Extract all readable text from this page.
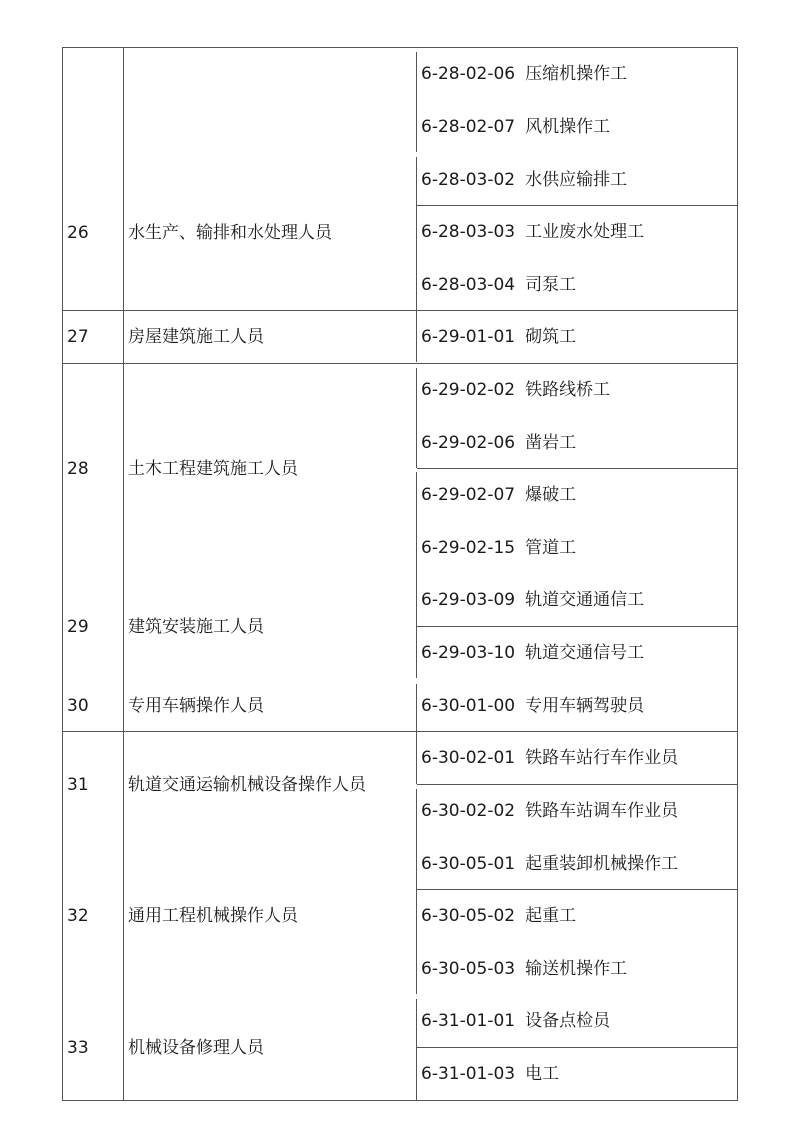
26 水生产、输排和水处理人员
27 房屋建筑施工人员
28 土木工程建筑施工人员
29 建筑安装施工人员
30 专用车辆操作人员
31 轨道交通运输机械设备操作人员
32 通用工程机械操作人员
33 机械设备修理人员
6-28-02-06 压缩机操作工
6-28-02-07 风机操作工
6-28-03-02 水供应输排工
6-28-03-03 工业废水处理工
6-28-03-04 司泵工
6-29-01-01 砌筑工
6-29-02-02 铁路线桥工
6-29-02-06 凿岩工
6-29-02-07 爆破工
6-29-02-15 管道工
6-29-03-09 轨道交通通信工
6-29-03-10 轨道交通信号工
6-30-01-00 专用车辆驾驶员
6-30-02-01 铁路车站行车作业员
6-30-02-02 铁路车站调车作业员
6-30-05-01 起重装卸机械操作工
6-30-05-02 起重工
6-30-05-03 输送机操作工
6-31-01-01 设备点检员
6-31-01-03 电工
